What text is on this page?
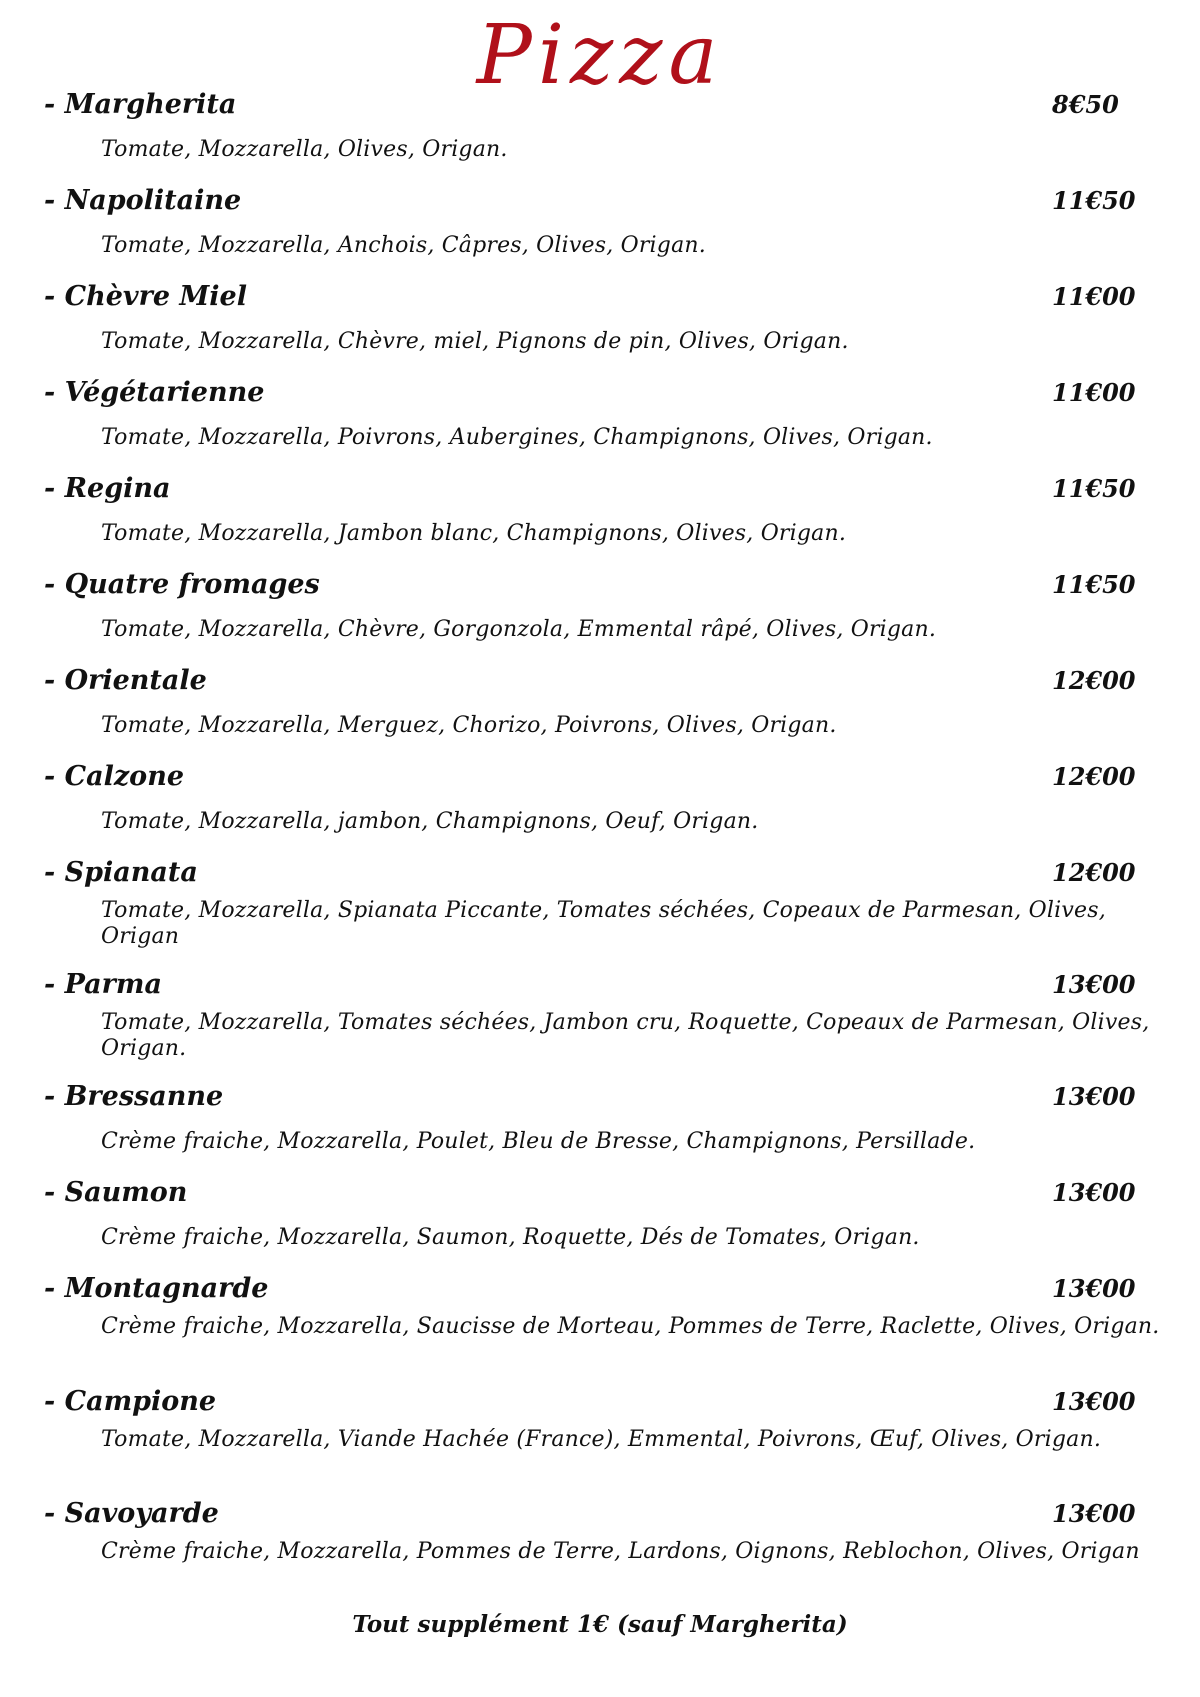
Pizza
- Margherita	8€50
Tomate, Mozzarella, Olives, Origan.
- Napolitaine	11€50
Tomate, Mozzarella, Anchois, Câpres, Olives, Origan.
- Chèvre Miel	11€00
Tomate, Mozzarella, Chèvre, miel, Pignons de pin, Olives, Origan.
- Végétarienne	11€00
Tomate, Mozzarella, Poivrons, Aubergines, Champignons, Olives, Origan.
- Regina	11€50
Tomate, Mozzarella, Jambon blanc, Champignons, Olives, Origan.
- Quatre fromages	11€50
Tomate, Mozzarella, Chèvre, Gorgonzola, Emmental râpé, Olives, Origan.
- Orientale	12€00
Tomate, Mozzarella, Merguez, Chorizo, Poivrons, Olives, Origan.
- Calzone	12€00
Tomate, Mozzarella, jambon, Champignons, Oeuf, Origan.
- Spianata	12€00
Tomate, Mozzarella, Spianata Piccante, Tomates séchées, Copeaux de Parmesan, Olives, Origan
- Parma	13€00
Tomate, Mozzarella, Tomates séchées, Jambon cru, Roquette, Copeaux de Parmesan, Olives, Origan.
- Bressanne	13€00
Crème fraiche, Mozzarella, Poulet, Bleu de Bresse, Champignons, Persillade.
- Saumon	13€00
Crème fraiche, Mozzarella, Saumon, Roquette, Dés de Tomates, Origan.
- Montagnarde	13€00
Crème fraiche, Mozzarella, Saucisse de Morteau, Pommes de Terre, Raclette, Olives, Origan.
- Campione	13€00
Tomate, Mozzarella, Viande Hachée (France), Emmental, Poivrons, Œuf, Olives, Origan.
- Savoyarde	13€00
Crème fraiche, Mozzarella, Pommes de Terre, Lardons, Oignons, Reblochon, Olives, Origan
Tout supplément 1€ (sauf Margherita)
